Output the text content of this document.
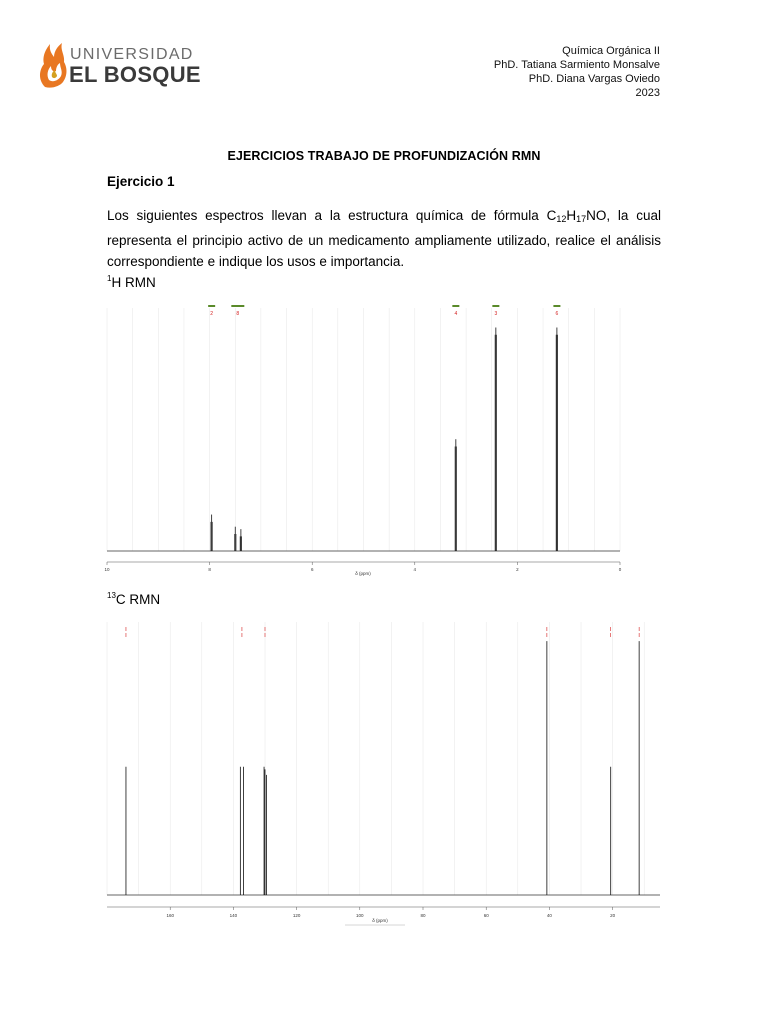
UNIVERSIDAD
EL BOSQUE
Química Orgánica II
PhD. Tatiana Sarmiento Monsalve
PhD. Diana Vargas Oviedo
2023
EJERCICIOS TRABAJO DE PROFUNDIZACIÓN RMN
Ejercicio 1
Los siguientes espectros llevan a la estructura química de fórmula $C_{12}H_{17}NO$, la cual representa el principio activo de un medicamento ampliamente utilizado, realice el análisis correspondiente e indique los usos e importancia.
$^1$H RMN
10	8	6	4	2	0
2	8	4	3	6
δ (ppm)
$^{13}$C RMN
160	140	120	100	80	60	40	20
δ (ppm)
